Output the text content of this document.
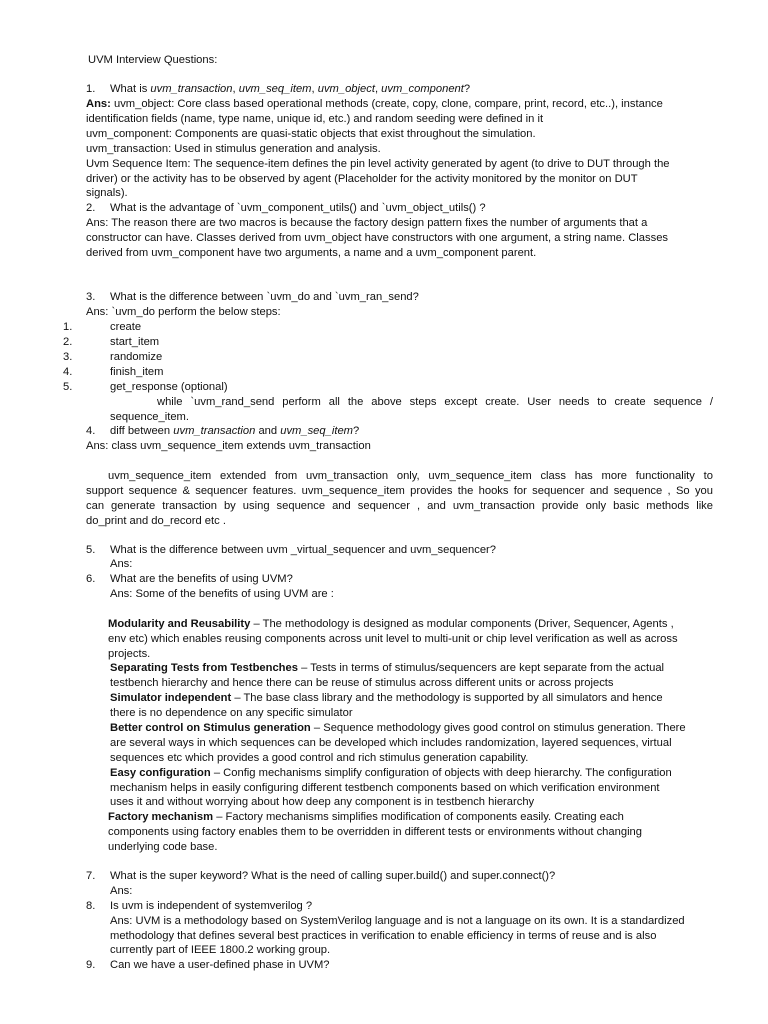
UVM Interview Questions:
1. What is uvm_transaction, uvm_seq_item, uvm_object, uvm_component?
Ans: uvm_object: Core class based operational methods (create, copy, clone, compare, print, record, etc..), instance
identification fields (name, type name, unique id, etc.) and random seeding were defined in it
uvm_component: Components are quasi-static objects that exist throughout the simulation.
uvm_transaction: Used in stimulus generation and analysis.
Uvm Sequence Item: The sequence-item defines the pin level activity generated by agent (to drive to DUT through the
driver) or the activity has to be observed by agent (Placeholder for the activity monitored by the monitor on DUT
signals).
2. What is the advantage of `uvm_component_utils() and `uvm_object_utils() ?
Ans: The reason there are two macros is because the factory design pattern fixes the number of arguments that a
constructor can have. Classes derived from uvm_object have constructors with one argument, a string name. Classes
derived from uvm_component have two arguments, a name and a uvm_component parent.
3. What is the difference between `uvm_do and `uvm_ran_send?
Ans: `uvm_do perform the below steps:
1.	create
2.	start_item
3.	randomize
4.	finish_item
5.	get_response (optional)
while `uvm_rand_send perform all the above steps except create. User needs to create sequence /
sequence_item.
4. diff between uvm_transaction and uvm_seq_item?
Ans: class uvm_sequence_item extends uvm_transaction
uvm_sequence_item extended from uvm_transaction only, uvm_sequence_item class has more functionality to
support sequence & sequencer features. uvm_sequence_item provides the hooks for sequencer and sequence , So you
can generate transaction by using sequence and sequencer , and uvm_transaction provide only basic methods like
do_print and do_record etc .
5. What is the difference between uvm _virtual_sequencer and uvm_sequencer?
Ans:
6. What are the benefits of using UVM?
Ans: Some of the benefits of using UVM are :
Modularity and Reusability – The methodology is designed as modular components (Driver, Sequencer, Agents ,
env etc) which enables reusing components across unit level to multi-unit or chip level verification as well as across
projects.
Separating Tests from Testbenches – Tests in terms of stimulus/sequencers are kept separate from the actual
testbench hierarchy and hence there can be reuse of stimulus across different units or across projects
Simulator independent – The base class library and the methodology is supported by all simulators and hence
there is no dependence on any specific simulator
Better control on Stimulus generation – Sequence methodology gives good control on stimulus generation. There
are several ways in which sequences can be developed which includes randomization, layered sequences, virtual
sequences etc which provides a good control and rich stimulus generation capability.
Easy configuration – Config mechanisms simplify configuration of objects with deep hierarchy. The configuration
mechanism helps in easily configuring different testbench components based on which verification environment
uses it and without worrying about how deep any component is in testbench hierarchy
Factory mechanism – Factory mechanisms simplifies modification of components easily. Creating each
components using factory enables them to be overridden in different tests or environments without changing
underlying code base.
7. What is the super keyword? What is the need of calling super.build() and super.connect()?
Ans:
8. Is uvm is independent of systemverilog ?
Ans: UVM is a methodology based on SystemVerilog language and is not a language on its own. It is a standardized
methodology that defines several best practices in verification to enable efficiency in terms of reuse and is also
currently part of IEEE 1800.2 working group.
9. Can we have a user-defined phase in UVM?
